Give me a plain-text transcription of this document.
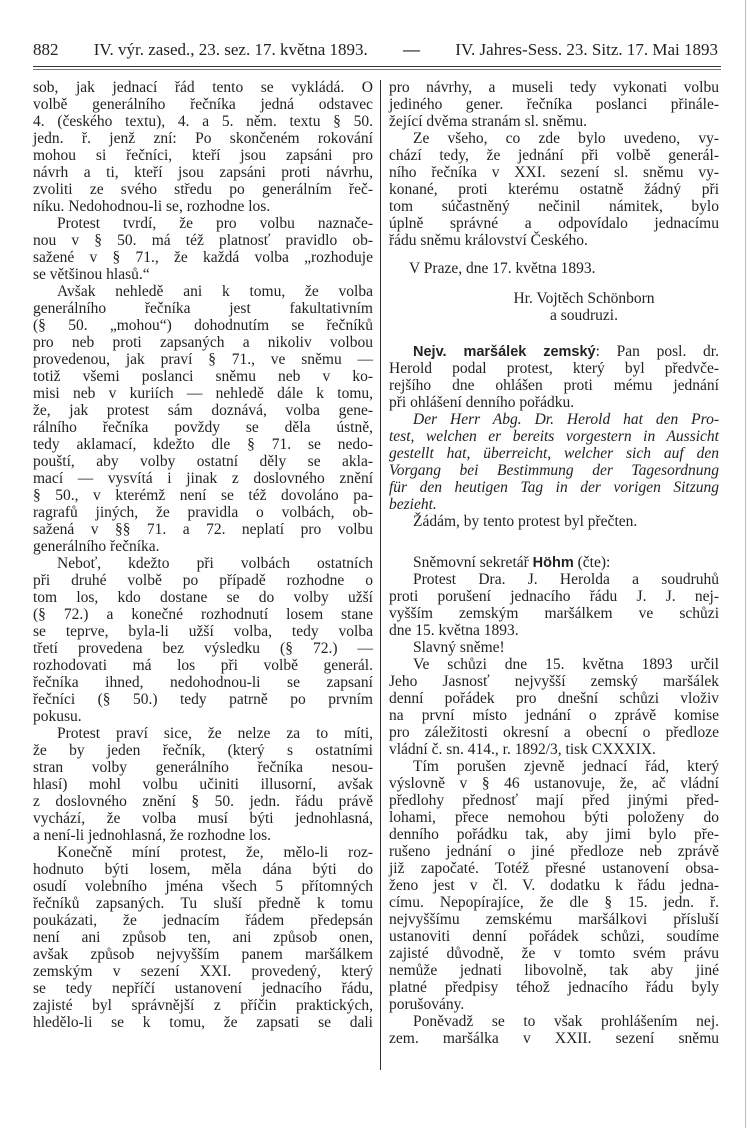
882 IV. výr. zased., 23. sez. 17. května 1893. — IV. Jahres-Sess. 23. Sitz. 17. Mai 1893
sob, jak jednací řád tento se vykládá. O
volbě generálního řečníka jedná odstavec
4. (českého textu), 4. a 5. něm. textu § 50.
jedn. ř. jenž zní: Po skončeném rokování
mohou si řečníci, kteří jsou zapsáni pro
návrh a ti, kteří jsou zapsáni proti návrhu,
zvoliti ze svého středu po generálním řeč-
níku. Nedohodnou-li se, rozhodne los.
Protest tvrdí, že pro volbu naznače-
nou v § 50. má též platnosť pravidlo ob-
sažené v § 71., že každá volba „rozhoduje
se většinou hlasů.“
Avšak nehledě ani k tomu, že volba
generálního řečníka jest fakultativním
(§ 50. „mohou“) dohodnutím se řečníků
pro neb proti zapsaných a nikoliv volbou
provedenou, jak praví § 71., ve sněmu —
totiž všemi poslanci sněmu neb v ko-
misi neb v kuriích — nehledě dále k tomu,
že, jak protest sám doznává, volba gene-
rálního řečníka povždy se děla ústně,
tedy aklamací, kdežto dle § 71. se nedo-
pouští, aby volby ostatní děly se akla-
mací — vysvítá i jinak z doslovného znění
§ 50., v kterémž není se též dovoláno pa-
ragrafů jiných, že pravidla o volbách, ob-
sažená v §§ 71. a 72. neplatí pro volbu
generálního řečníka.
Neboť, kdežto při volbách ostatních
při druhé volbě po případě rozhodne o
tom los, kdo dostane se do volby užší
(§ 72.) a konečné rozhodnutí losem stane
se teprve, byla-li užší volba, tedy volba
třetí provedena bez výsledku (§ 72.) —
rozhodovati má los při volbě generál.
řečníka ihned, nedohodnou-li se zapsaní
řečníci (§ 50.) tedy patrně po prvním
pokusu.
Protest praví sice, že nelze za to míti,
že by jeden řečník, (který s ostatními
stran volby generálního řečníka nesou-
hlasí) mohl volbu učiniti illusorní, avšak
z doslovného znění § 50. jedn. řádu právě
vychází, že volba musí býti jednohlasná,
a není-li jednohlasná, že rozhodne los.
Konečně míní protest, že, mělo-li roz-
hodnuto býti losem, měla dána býti do
osudí volebního jména všech 5 přítomných
řečníků zapsaných. Tu sluší předně k tomu
poukázati, že jednacím řádem předepsán
není ani způsob ten, ani způsob onen,
avšak způsob nejvyšším panem maršálkem
zemským v sezení XXI. provedený, který
se tedy nepříčí ustanovení jednacího řádu,
zajisté byl správnější z příčin praktických,
hledělo-li se k tomu, že zapsati se dali
pro návrhy, a museli tedy vykonati volbu
jediného gener. řečníka poslanci přinále-
žející dvěma stranám sl. sněmu.
Ze všeho, co zde bylo uvedeno, vy-
chází tedy, že jednání při volbě generál-
ního řečníka v XXI. sezení sl. sněmu vy-
konané, proti kterému ostatně žádný při
tom súčastněný nečinil námitek, bylo
úplně správné a odpovídalo jednacímu
řádu sněmu království Českého.
V Praze, dne 17. května 1893.
Hr. Vojtěch Schönborn
a soudruzi.
Nejv. maršálek zemský: Pan posl. dr.
Herold podal protest, který byl předvče-
rejšího dne ohlášen proti mému jednání
při ohlášení denního pořádku.
Der Herr Abg. Dr. Herold hat den Pro-
test, welchen er bereits vorgestern in Aussicht
gestellt hat, überreicht, welcher sich auf den
Vorgang bei Bestimmung der Tagesordnung
für den heutigen Tag in der vorigen Sitzung
bezieht.
Žádám, by tento protest byl přečten.
Sněmovní sekretář Höhm (čte):
Protest Dra. J. Herolda a soudruhů
proti porušení jednacího řádu J. J. nej-
vyšším zemským maršálkem ve schůzi
dne 15. května 1893.
Slavný sněme!
Ve schůzi dne 15. května 1893 určil
Jeho Jasnosť nejvyšší zemský maršálek
denní pořádek pro dnešní schůzi vloživ
na první místo jednání o zprávě komise
pro záležitosti okresní a obecní o předloze
vládní č. sn. 414., r. 1892/3, tisk CXXXIX.
Tím porušen zjevně jednací řád, který
výslovně v § 46 ustanovuje, že, ač vládní
předlohy přednosť mají před jinými před-
lohami, přece nemohou býti položeny do
denního pořádku tak, aby jimi bylo pře-
rušeno jednání o jiné předloze neb zprávě
již započaté. Totéž přesné ustanovení obsa-
ženo jest v čl. V. dodatku k řádu jedna-
címu. Nepopírajíce, že dle § 15. jedn. ř.
nejvyššímu zemskému maršálkovi přísluší
ustanoviti denní pořádek schůzi, soudíme
zajisté důvodně, že v tomto svém právu
nemůže jednati libovolně, tak aby jiné
platné předpisy téhož jednacího řádu byly
porušovány.
Poněvadž se to však prohlášením nej.
zem. maršálka v XXII. sezení sněmu
